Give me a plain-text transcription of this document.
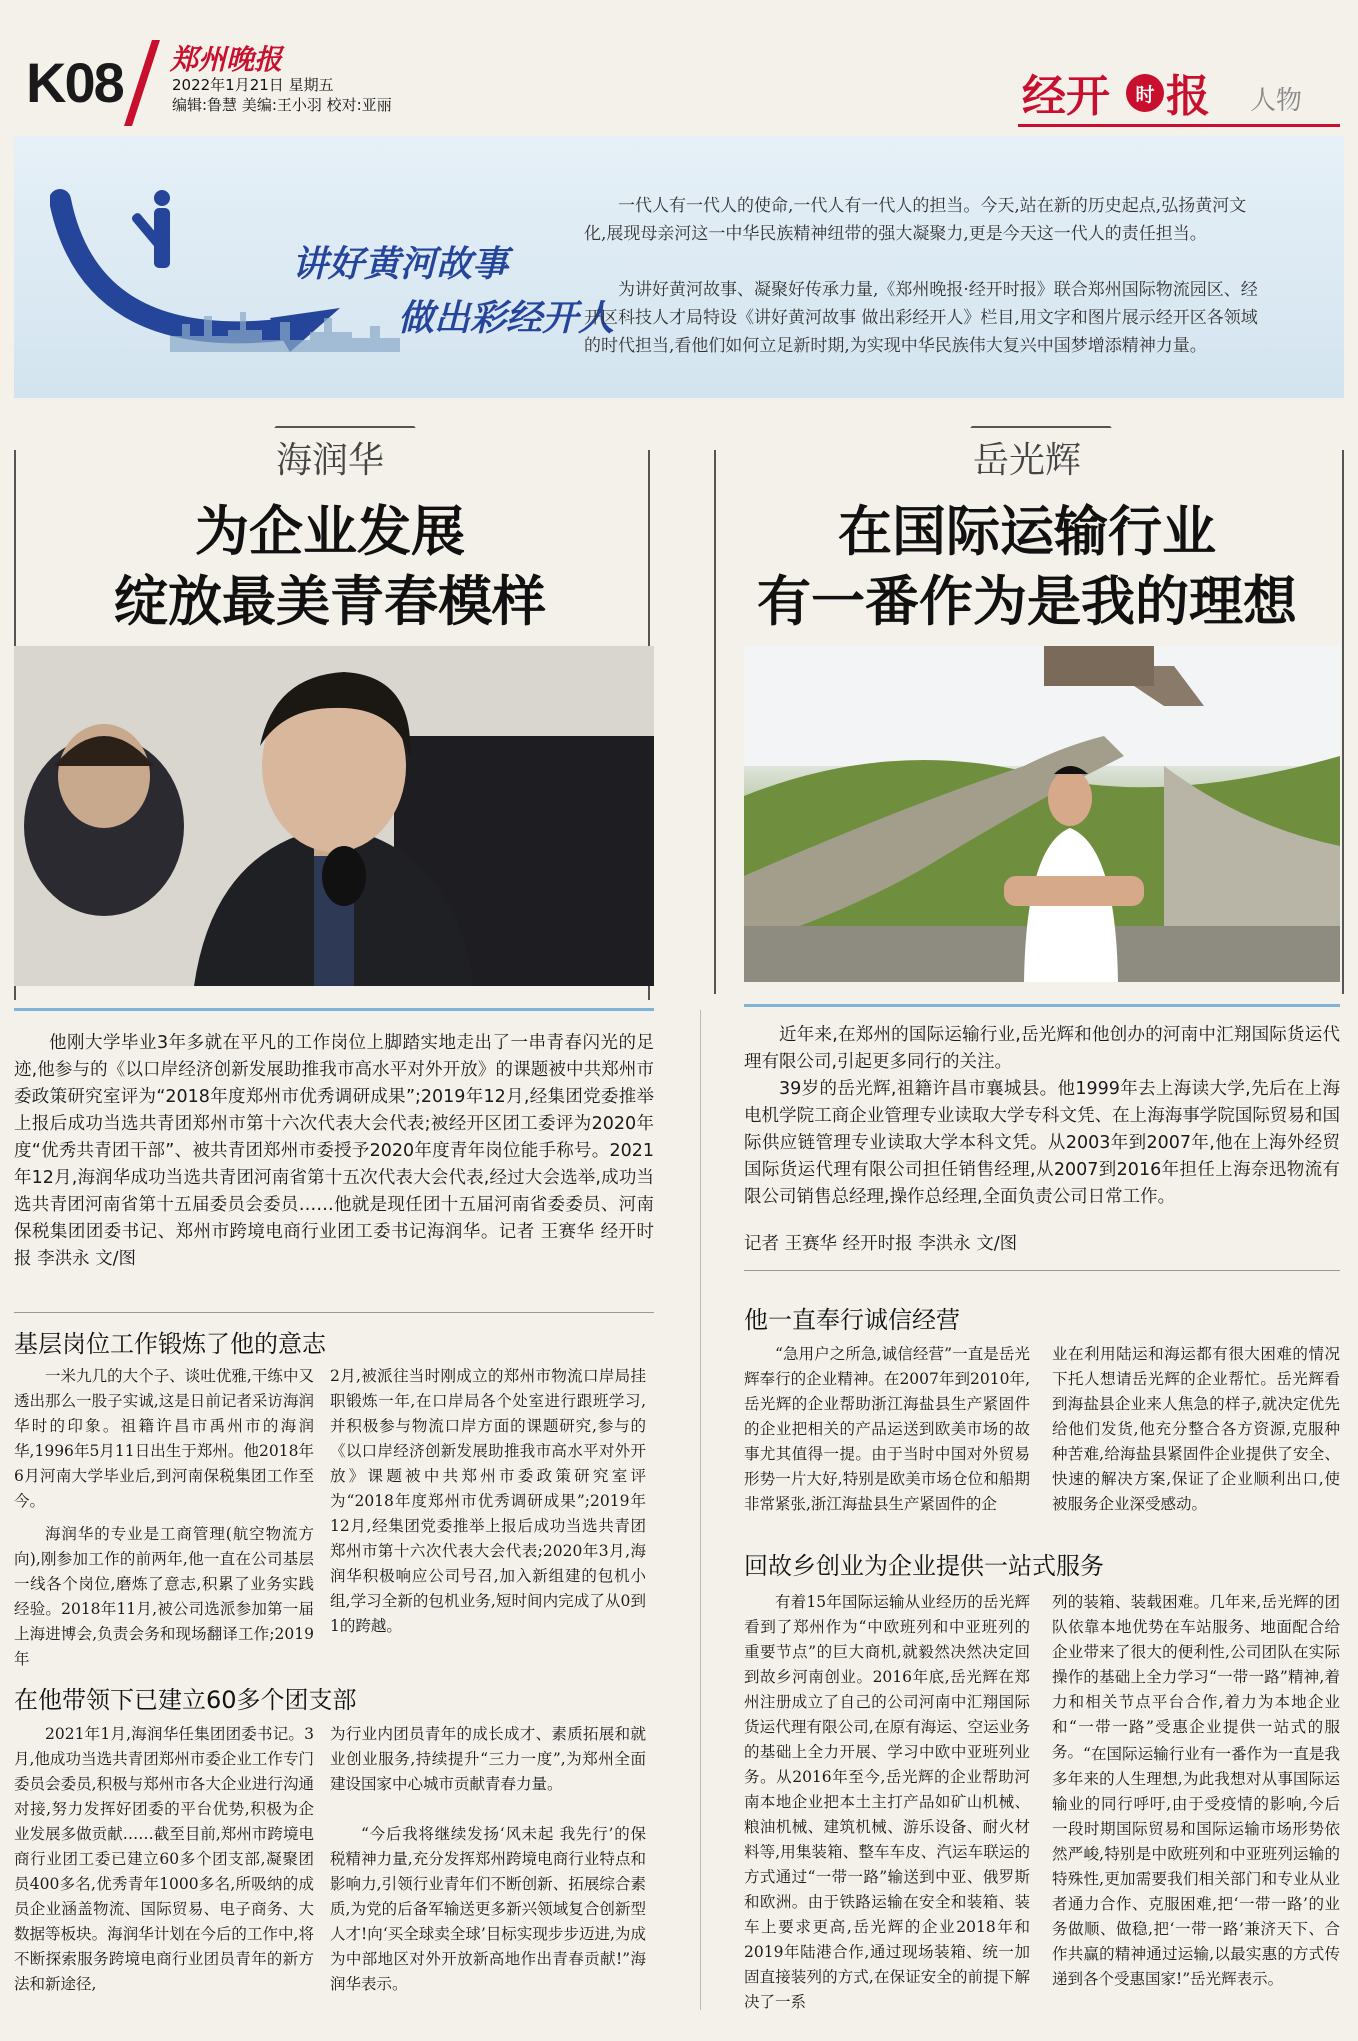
K08 郑州晚报
2022年1月21日 星期五
编辑:鲁慧 美编:王小羽 校对:亚丽	经开	时 报 人物
讲好黄河故事
做出彩经开人

一代人有一代人的使命,一代人有一代人的担当。今天,站在新的历史起点,弘扬黄河文化,展现母亲河这一中华民族精神纽带的强大凝聚力,更是今天这一代人的责任担当。

为讲好黄河故事、凝聚好传承力量,《郑州晚报·经开时报》联合郑州国际物流园区、经开区科技人才局特设《讲好黄河故事 做出彩经开人》栏目,用文字和图片展示经开区各领域的时代担当,看他们如何立足新时期,为实现中华民族伟大复兴中国梦增添精神力量。

海润华
为企业发展
绽放最美青春模样

他刚大学毕业3年多就在平凡的工作岗位上脚踏实地走出了一串青春闪光的足迹,他参与的《以口岸经济创新发展助推我市高水平对外开放》的课题被中共郑州市委政策研究室评为“2018年度郑州市优秀调研成果”;2019年12月,经集团党委推举上报后成功当选共青团郑州市第十六次代表大会代表;被经开区团工委评为2020年度“优秀共青团干部”、被共青团郑州市委授予2020年度青年岗位能手称号。2021年12月,海润华成功当选共青团河南省第十五次代表大会代表,经过大会选举,成功当选共青团河南省第十五届委员会委员……他就是现任团十五届河南省委委员、河南保税集团团委书记、郑州市跨境电商行业团工委书记海润华。记者 王赛华 经开时报 李洪永 文/图

基层岗位工作锻炼了他的意志

一米九几的大个子、谈吐优雅,干练中又透出那么一股子实诚,这是日前记者采访海润华时的印象。祖籍许昌市禹州市的海润华,1996年5月11日出生于郑州。他2018年6月河南大学毕业后,到河南保税集团工作至今。

海润华的专业是工商管理(航空物流方向),刚参加工作的前两年,他一直在公司基层一线各个岗位,磨炼了意志,积累了业务实践经验。2018年11月,被公司选派参加第一届上海进博会,负责会务和现场翻译工作;2019年

2月,被派往当时刚成立的郑州市物流口岸局挂职锻炼一年,在口岸局各个处室进行跟班学习,并积极参与物流口岸方面的课题研究,参与的《以口岸经济创新发展助推我市高水平对外开放》课题被中共郑州市委政策研究室评为“2018年度郑州市优秀调研成果”;2019年12月,经集团党委推举上报后成功当选共青团郑州市第十六次代表大会代表;2020年3月,海润华积极响应公司号召,加入新组建的包机小组,学习全新的包机业务,短时间内完成了从0到1的跨越。

在他带领下已建立60多个团支部

2021年1月,海润华任集团团委书记。3月,他成功当选共青团郑州市委企业工作专门委员会委员,积极与郑州市各大企业进行沟通对接,努力发挥好团委的平台优势,积极为企业发展多做贡献……截至目前,郑州市跨境电商行业团工委已建立60多个团支部,凝聚团员400多名,优秀青年1000多名,所吸纳的成员企业涵盖物流、国际贸易、电子商务、大数据等板块。海润华计划在今后的工作中,将不断探索服务跨境电商行业团员青年的新方法和新途径,

为行业内团员青年的成长成才、素质拓展和就业创业服务,持续提升“三力一度”,为郑州全面建设国家中心城市贡献青春力量。

“今后我将继续发扬‘风未起 我先行’的保税精神力量,充分发挥郑州跨境电商行业特点和影响力,引领行业青年们不断创新、拓展综合素质,为党的后备军输送更多新兴领域复合创新型人才!向‘买全球卖全球’目标实现步步迈进,为成为中部地区对外开放新高地作出青春贡献!”海润华表示。

岳光辉
在国际运输行业
有一番作为是我的理想

近年来,在郑州的国际运输行业,岳光辉和他创办的河南中汇翔国际货运代理有限公司,引起更多同行的关注。

39岁的岳光辉,祖籍许昌市襄城县。他1999年去上海读大学,先后在上海电机学院工商企业管理专业读取大学专科文凭、在上海海事学院国际贸易和国际供应链管理专业读取大学本科文凭。从2003年到2007年,他在上海外经贸国际货运代理有限公司担任销售经理,从2007到2016年担任上海奈迅物流有限公司销售总经理,操作总经理,全面负责公司日常工作。

记者 王赛华 经开时报 李洪永 文/图
他一直奉行诚信经营

“急用户之所急,诚信经营”一直是岳光辉奉行的企业精神。在2007年到2010年,岳光辉的企业帮助浙江海盐县生产紧固件的企业把相关的产品运送到欧美市场的故事尤其值得一提。由于当时中国对外贸易形势一片大好,特别是欧美市场仓位和船期非常紧张,浙江海盐县生产紧固件的企

业在利用陆运和海运都有很大困难的情况下托人想请岳光辉的企业帮忙。岳光辉看到海盐县企业来人焦急的样子,就决定优先给他们发货,他充分整合各方资源,克服种种苦难,给海盐县紧固件企业提供了安全、快速的解决方案,保证了企业顺利出口,使被服务企业深受感动。

回故乡创业为企业提供一站式服务

有着15年国际运输从业经历的岳光辉看到了郑州作为“中欧班列和中亚班列的重要节点”的巨大商机,就毅然决然决定回到故乡河南创业。2016年底,岳光辉在郑州注册成立了自己的公司河南中汇翔国际货运代理有限公司,在原有海运、空运业务的基础上全力开展、学习中欧中亚班列业务。从2016年至今,岳光辉的企业帮助河南本地企业把本土主打产品如矿山机械、粮油机械、建筑机械、游乐设备、耐火材料等,用集装箱、整车车皮、汽运车联运的方式通过“一带一路”输送到中亚、俄罗斯和欧洲。由于铁路运输在安全和装箱、装车上要求更高,岳光辉的企业2018年和2019年陆港合作,通过现场装箱、统一加固直接装列的方式,在保证安全的前提下解决了一系

列的装箱、装载困难。几年来,岳光辉的团队依靠本地优势在车站服务、地面配合给企业带来了很大的便利性,公司团队在实际操作的基础上全力学习“一带一路”精神,着力和相关节点平台合作,着力为本地企业和“一带一路”受惠企业提供一站式的服务。 “在国际运输行业有一番作为一直是我多年来的人生理想,为此我想对从事国际运输业的同行呼吁,由于受疫情的影响,今后一段时期国际贸易和国际运输市场形势依然严峻,特别是中欧班列和中亚班列运输的特殊性,更加需要我们相关部门和专业从业者通力合作、克服困难,把‘一带一路’的业务做顺、做稳,把‘一带一路’兼济天下、合作共赢的精神通过运输,以最实惠的方式传递到各个受惠国家!”岳光辉表示。
